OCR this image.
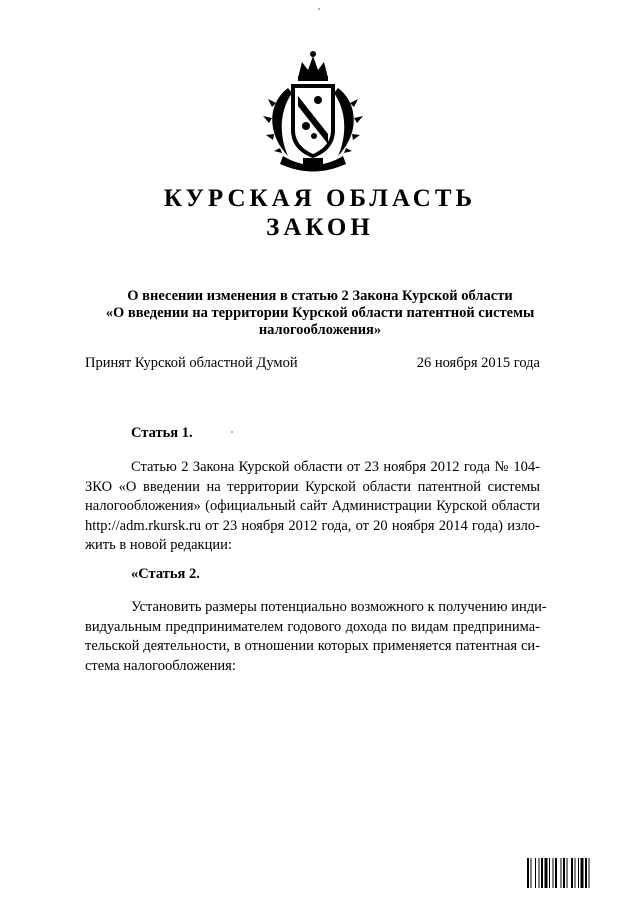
КУРСКАЯ ОБЛАСТЬ
ЗАКОН
О внесении изменения в статью 2 Закона Курской области
«О введении на территории Курской области патентной системы
налогообложения»
Принят Курской областной Думой	26 ноября 2015 года
Статья 1.
Статью 2 Закона Курской области от 23 ноября 2012 года № 104-
ЗКО «О введении на территории Курской области патентной системы
налогообложения» (официальный сайт Администрации Курской области
http://adm.rkursk.ru от 23 ноября 2012 года, от 20 ноября 2014 года) изло-
жить в новой редакции:
«Статья 2.
Установить размеры потенциально возможного к получению инди-
видуальным предпринимателем годового дохода по видам предпринима-
тельской деятельности, в отношении которых применяется патентная си-
стема налогообложения:
